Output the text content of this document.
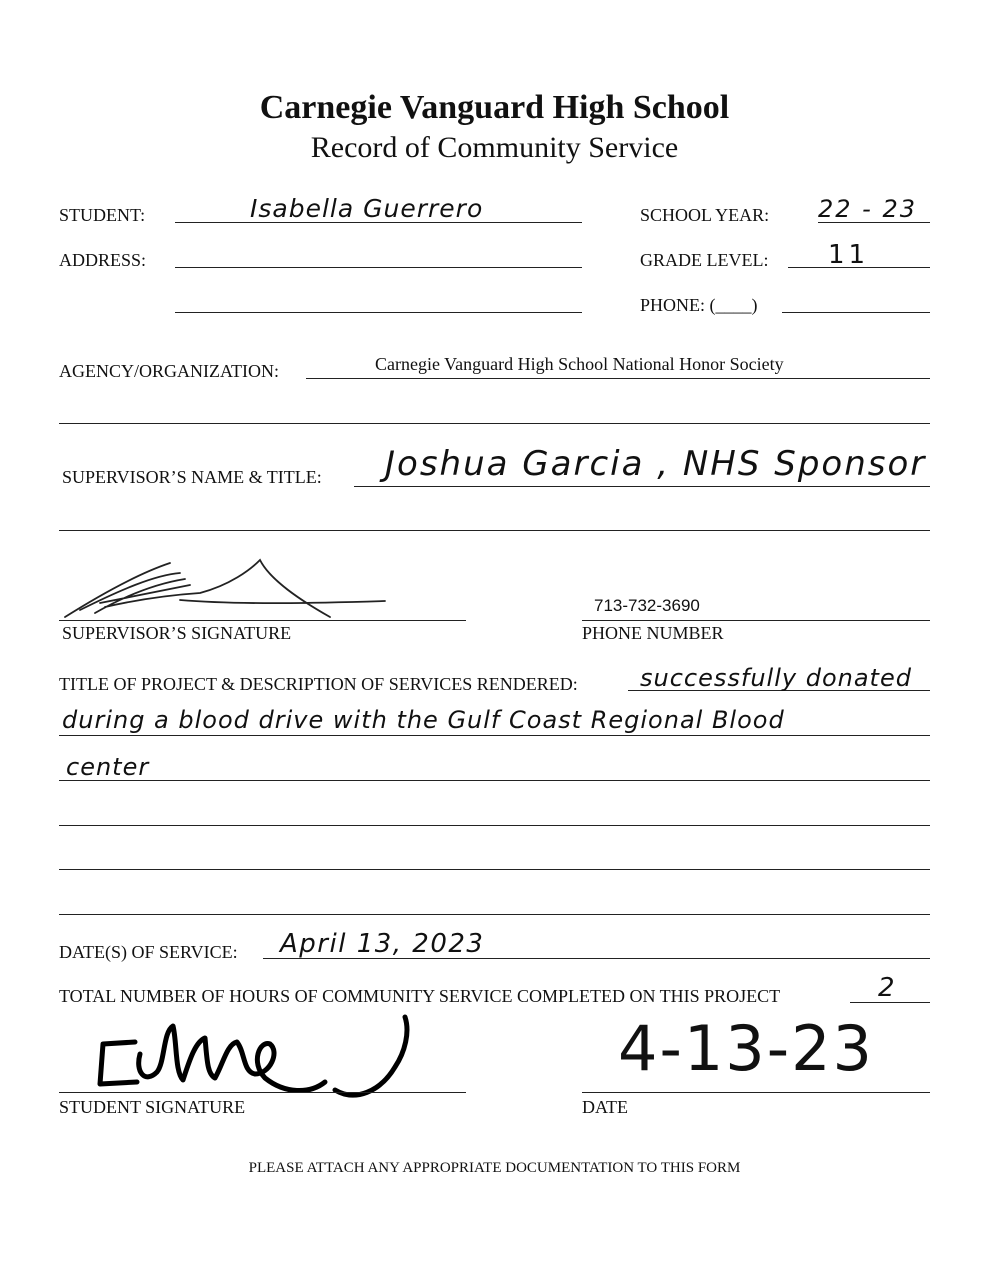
Carnegie Vanguard High School
Record of Community Service
STUDENT:	Isabella Guerrero	SCHOOL YEAR: 22 - 23
ADDRESS:	GRADE LEVEL: 11
PHONE: (____)
AGENCY/ORGANIZATION:	Carnegie Vanguard High School National Honor Society
SUPERVISOR’S NAME & TITLE: Joshua Garcia , NHS Sponsor
SUPERVISOR’S SIGNATURE
713-732-3690
PHONE NUMBER
TITLE OF PROJECT & DESCRIPTION OF SERVICES RENDERED:	successfully donated
during a blood drive with the Gulf Coast Regional Blood
center
DATE(S) OF SERVICE: April 13, 2023
TOTAL NUMBER OF HOURS OF COMMUNITY SERVICE COMPLETED ON THIS PROJECT	2
STUDENT SIGNATURE
4-13-23
DATE
PLEASE ATTACH ANY APPROPRIATE DOCUMENTATION TO THIS FORM
